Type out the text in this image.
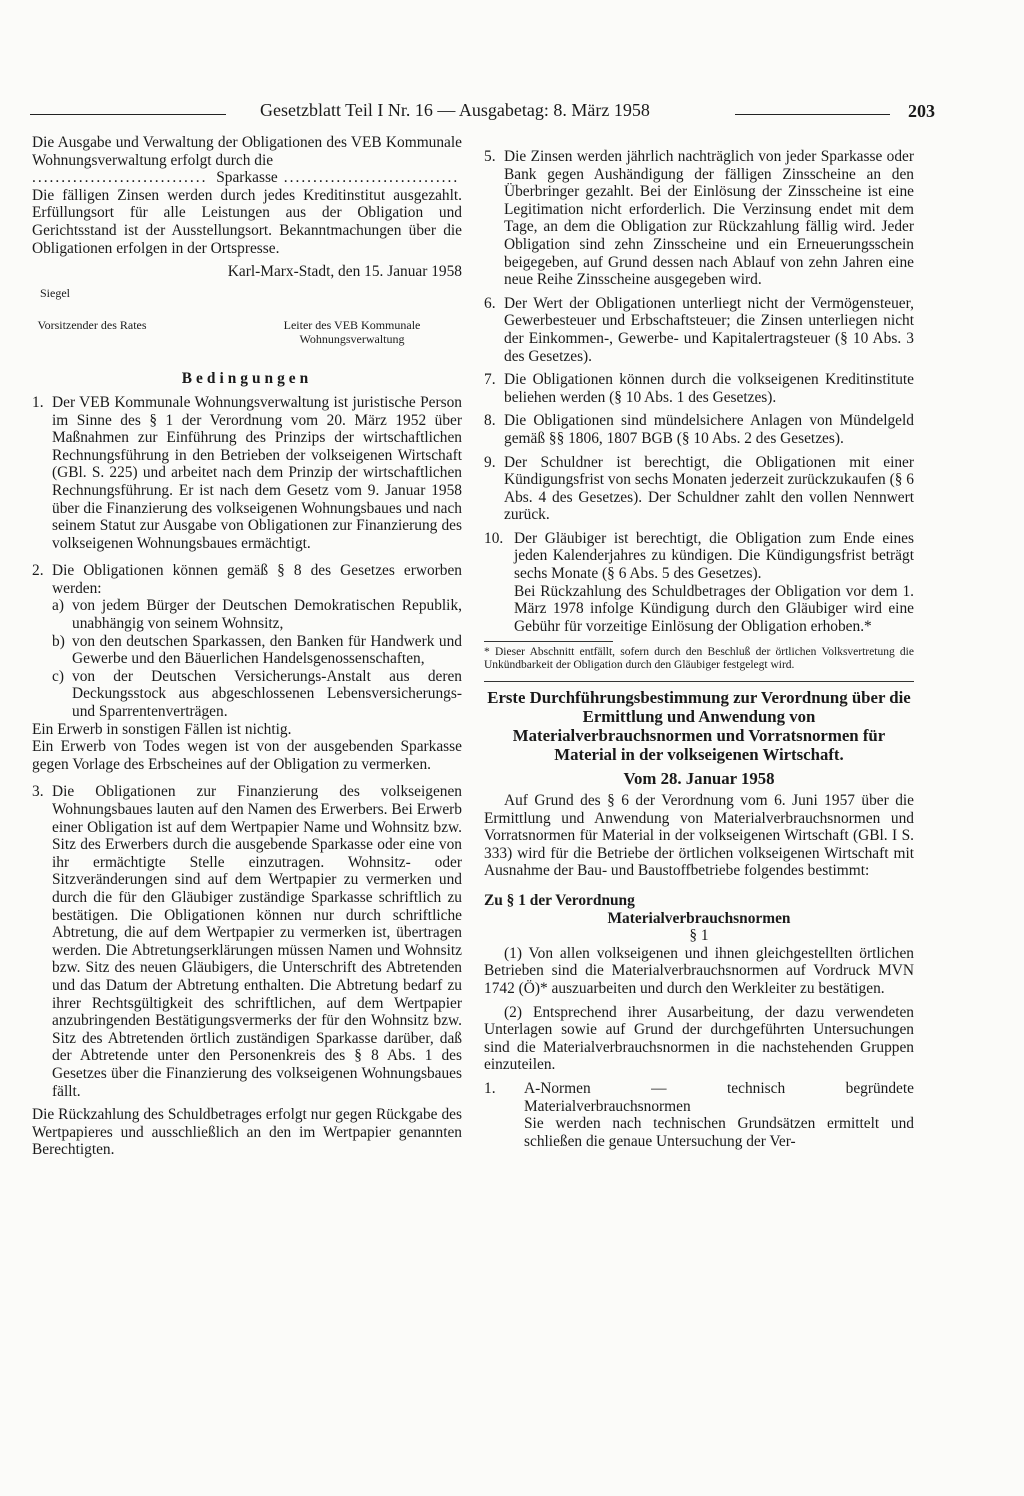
Gesetzblatt Teil I Nr. 16 — Ausgabetag: 8. März 1958	203

Die Ausgabe und Verwaltung der Obligationen des VEB Kommunale Wohnungsverwaltung erfolgt durch die

.............................. Sparkasse ..............................

Die fälligen Zinsen werden durch jedes Kreditinstitut ausgezahlt. Erfüllungsort für alle Leistungen aus der Obligation und Gerichtsstand ist der Ausstellungsort. Bekanntmachungen über die Obligationen erfolgen in der Ortspresse.

Karl-Marx-Stadt, den 15. Januar 1958

Siegel
Vorsitzender des Rates	Leiter des VEB Kommunale Wohnungsverwaltung
Bedingungen
1. Der VEB Kommunale Wohnungsverwaltung ist juristische Person im Sinne des § 1 der Verordnung vom 20. März 1952 über Maßnahmen zur Einführung des Prinzips der wirtschaftlichen Rechnungsführung in den Betrieben der volkseigenen Wirtschaft (GBl. S. 225) und arbeitet nach dem Prinzip der wirtschaftlichen Rechnungsführung. Er ist nach dem Gesetz vom 9. Januar 1958 über die Finanzierung des volkseigenen Wohnungsbaues und nach seinem Statut zur Ausgabe von Obligationen zur Finanzierung des volkseigenen Wohnungsbaues ermächtigt.
2. Die Obligationen können gemäß § 8 des Gesetzes erworben werden:
a) von jedem Bürger der Deutschen Demokratischen Republik, unabhängig von seinem Wohnsitz,
b) von den deutschen Sparkassen, den Banken für Handwerk und Gewerbe und den Bäuerlichen Handelsgenossenschaften,
c) von der Deutschen Versicherungs-Anstalt aus deren Deckungsstock aus abgeschlossenen Lebensversicherungs- und Sparrentenverträgen.

Ein Erwerb in sonstigen Fällen ist nichtig.

Ein Erwerb von Todes wegen ist von der ausgebenden Sparkasse gegen Vorlage des Erbscheines auf der Obligation zu vermerken.

3. Die Obligationen zur Finanzierung des volkseigenen Wohnungsbaues lauten auf den Namen des Erwerbers. Bei Erwerb einer Obligation ist auf dem Wertpapier Name und Wohnsitz bzw. Sitz des Erwerbers durch die ausgebende Sparkasse oder eine von ihr ermächtigte Stelle einzutragen. Wohnsitz- oder Sitzveränderungen sind auf dem Wertpapier zu vermerken und durch die für den Gläubiger zuständige Sparkasse schriftlich zu bestätigen. Die Obligationen können nur durch schriftliche Abtretung, die auf dem Wertpapier zu vermerken ist, übertragen werden. Die Abtretungserklärungen müssen Namen und Wohnsitz bzw. Sitz des neuen Gläubigers, die Unterschrift des Abtretenden und das Datum der Abtretung enthalten. Die Abtretung bedarf zu ihrer Rechtsgültigkeit des schriftlichen, auf dem Wertpapier anzubringenden Bestätigungsvermerks der für den Wohnsitz bzw. Sitz des Abtretenden örtlich zuständigen Sparkasse darüber, daß der Abtretende unter den Personenkreis des § 8 Abs. 1 des Gesetzes über die Finanzierung des volkseigenen Wohnungsbaues fällt.

Die Rückzahlung des Schuldbetrages erfolgt nur gegen Rückgabe des Wertpapieres und ausschließlich an den im Wertpapier genannten Berechtigten.

5. Die Zinsen werden jährlich nachträglich von jeder Sparkasse oder Bank gegen Aushändigung der fälligen Zinsscheine an den Überbringer gezahlt. Bei der Einlösung der Zinsscheine ist eine Legitimation nicht erforderlich. Die Verzinsung endet mit dem Tage, an dem die Obligation zur Rückzahlung fällig wird. Jeder Obligation sind zehn Zinsscheine und ein Erneuerungsschein beigegeben, auf Grund dessen nach Ablauf von zehn Jahren eine neue Reihe Zinsscheine ausgegeben wird.
6. Der Wert der Obligationen unterliegt nicht der Vermögensteuer, Gewerbesteuer und Erbschaftsteuer; die Zinsen unterliegen nicht der Einkommen-, Gewerbe- und Kapitalertragsteuer (§ 10 Abs. 3 des Gesetzes).
7. Die Obligationen können durch die volkseigenen Kreditinstitute beliehen werden (§ 10 Abs. 1 des Gesetzes).
8. Die Obligationen sind mündelsichere Anlagen von Mündelgeld gemäß §§ 1806, 1807 BGB (§ 10 Abs. 2 des Gesetzes).
9. Der Schuldner ist berechtigt, die Obligationen mit einer Kündigungsfrist von sechs Monaten jederzeit zurückzukaufen (§ 6 Abs. 4 des Gesetzes). Der Schuldner zahlt den vollen Nennwert zurück.
10. Der Gläubiger ist berechtigt, die Obligation zum Ende eines jeden Kalenderjahres zu kündigen. Die Kündigungsfrist beträgt sechs Monate (§ 6 Abs. 5 des Gesetzes).

Bei Rückzahlung des Schuldbetrages der Obligation vor dem 1. März 1978 infolge Kündigung durch den Gläubiger wird eine Gebühr für vorzeitige Einlösung der Obligation erhoben.*

* Dieser Abschnitt entfällt, sofern durch den Beschluß der örtlichen Volksvertretung die Unkündbarkeit der Obligation durch den Gläubiger festgelegt wird.

Erste Durchführungsbestimmung zur Verordnung über die Ermittlung und Anwendung von Materialverbrauchsnormen und Vorratsnormen für Material in der volkseigenen Wirtschaft.
Vom 28. Januar 1958

Auf Grund des § 6 der Verordnung vom 6. Juni 1957 über die Ermittlung und Anwendung von Materialverbrauchsnormen und Vorratsnormen für Material in der volkseigenen Wirtschaft (GBl. I S. 333) wird für die Betriebe der örtlichen volkseigenen Wirtschaft mit Ausnahme der Bau- und Baustoffbetriebe folgendes bestimmt:

Zu § 1 der Verordnung

Materialverbrauchsnormen

§ 1

(1) Von allen volkseigenen und ihnen gleichgestellten örtlichen Betrieben sind die Materialverbrauchsnormen auf Vordruck MVN 1742 (Ö)* auszuarbeiten und durch den Werkleiter zu bestätigen.

(2) Entsprechend ihrer Ausarbeitung, der dazu verwendeten Unterlagen sowie auf Grund der durchgeführten Untersuchungen sind die Materialverbrauchsnormen in die nachstehenden Gruppen einzuteilen.

1.	A-Normen — technisch begründete Materialverbrauchsnormen

Sie werden nach technischen Grundsätzen ermittelt und schließen die genaue Untersuchung der Ver-
